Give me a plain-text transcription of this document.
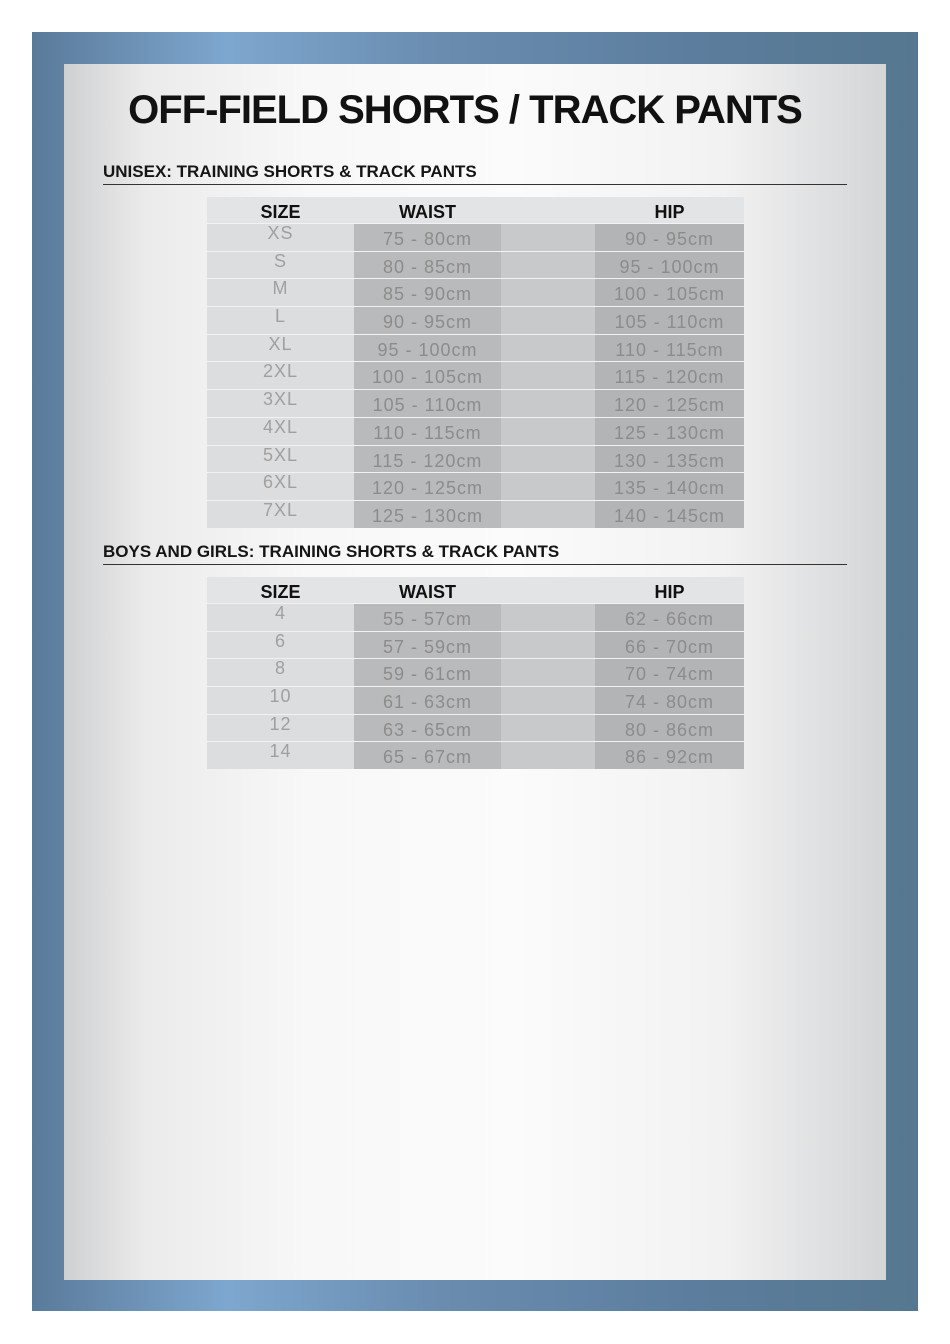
OFF-FIELD SHORTS / TRACK PANTS
UNISEX: TRAINING SHORTS & TRACK PANTS
SIZE	WAIST	HIP
XS	75 - 80cm	90 - 95cm
S	80 - 85cm	95 - 100cm
M	85 - 90cm	100 - 105cm
L	90 - 95cm	105 - 110cm
XL	95 - 100cm	110 - 115cm
2XL	100 - 105cm	115 - 120cm
3XL	105 - 110cm	120 - 125cm
4XL	110 - 115cm	125 - 130cm
5XL	115 - 120cm	130 - 135cm
6XL	120 - 125cm	135 - 140cm
7XL	125 - 130cm	140 - 145cm
BOYS AND GIRLS: TRAINING SHORTS & TRACK PANTS
SIZE	WAIST	HIP
4	55 - 57cm	62 - 66cm
6	57 - 59cm	66 - 70cm
8	59 - 61cm	70 - 74cm
10	61 - 63cm	74 - 80cm
12	63 - 65cm	80 - 86cm
14	65 - 67cm	86 - 92cm
